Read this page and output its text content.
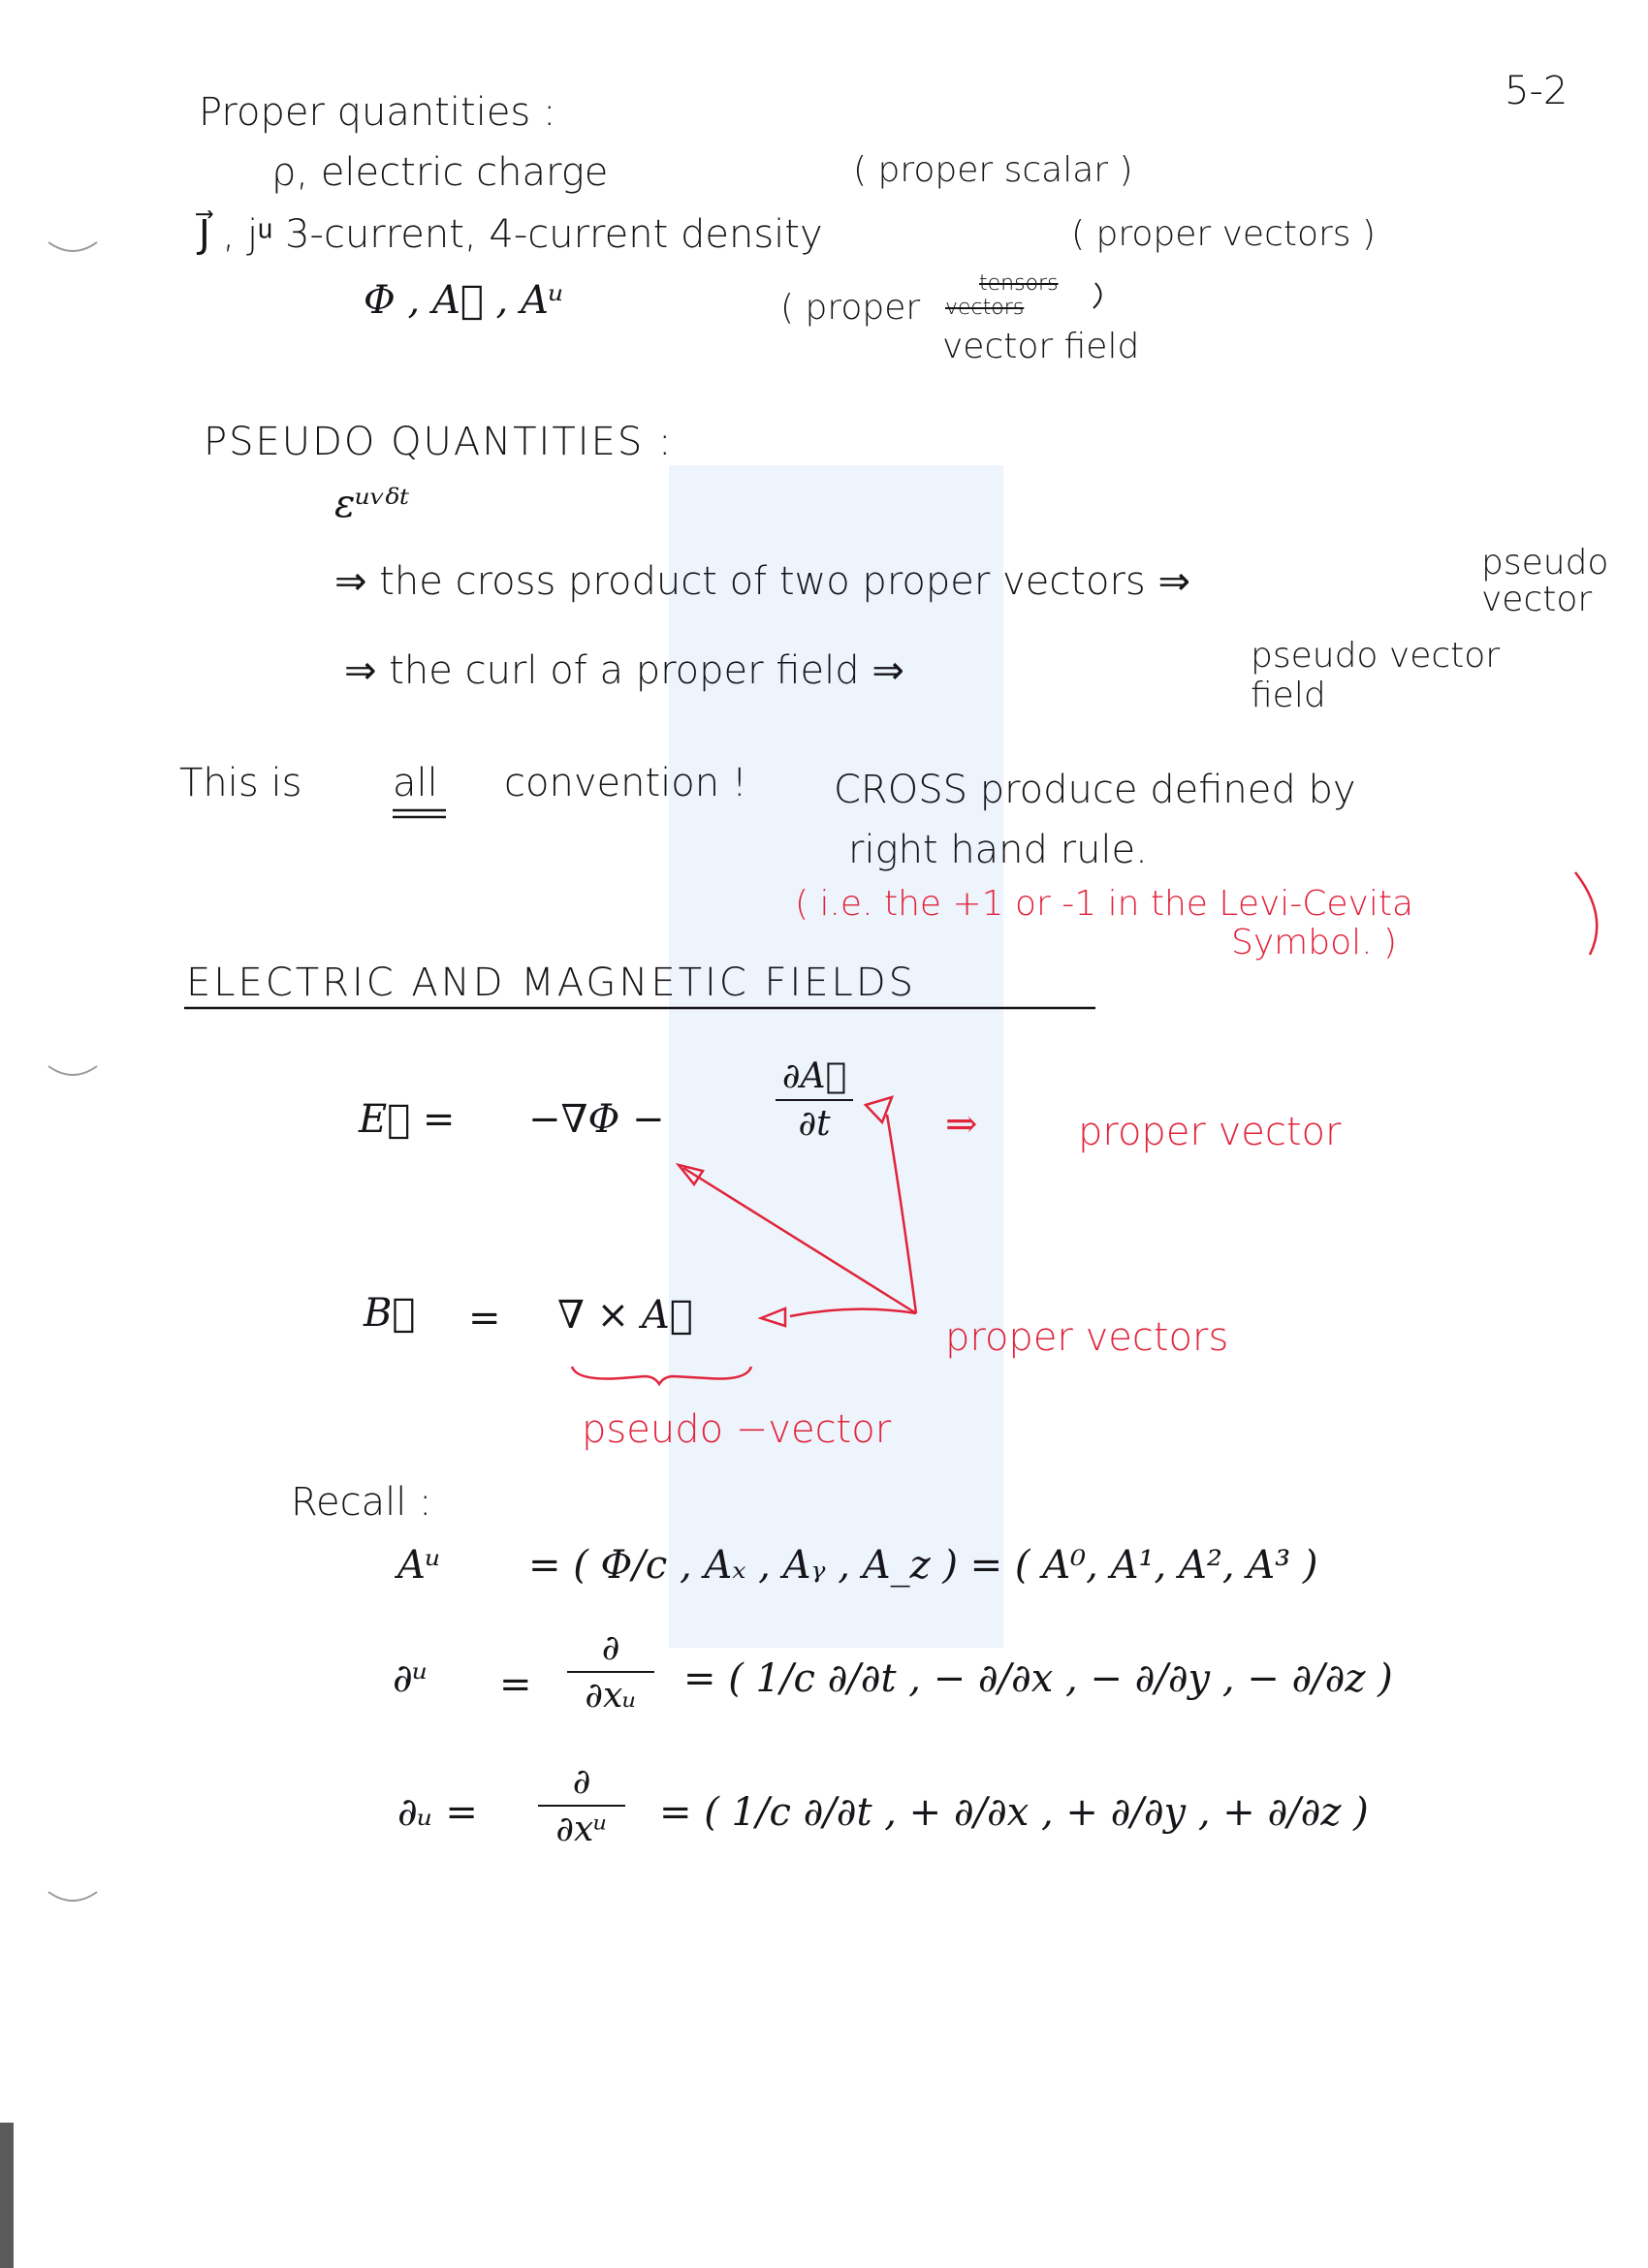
5-2
Proper quantities :
ρ, electric charge	( proper scalar )
J⃗ , jᵘ 3-current, 4-current density	( proper vectors )
Φ , A⃗ , Aᵘ	( proper
tensors
vectors
vector field
PSEUDO QUANTITIES :
εᵘᵛᵟᵗ
⇒ the cross product of two proper vectors ⇒	pseudo vector
⇒ the curl of a proper field ⇒	pseudo vector field
This is all convention ! CROSS produce defined by
right hand rule.
( i.e. the +1 or -1 in the Levi-Cevita
Symbol. )
ELECTRIC AND MAGNETIC FIELDS
E⃗ = −∇Φ −
∂A⃗
∂t	⇒	proper vector
B⃗ = ∇ × A⃗	proper vectors
pseudo −vector
Recall :
Aᵘ = ( Φ/c , Aₓ , Aᵧ , A_z ) = ( A⁰, A¹, A², A³ )
∂ᵘ =
∂
∂xᵤ	= ( 1/c ∂/∂t , − ∂/∂x , − ∂/∂y , − ∂/∂z )
∂ᵤ =
∂
∂xᵘ	= ( 1/c ∂/∂t , + ∂/∂x , + ∂/∂y , + ∂/∂z )
